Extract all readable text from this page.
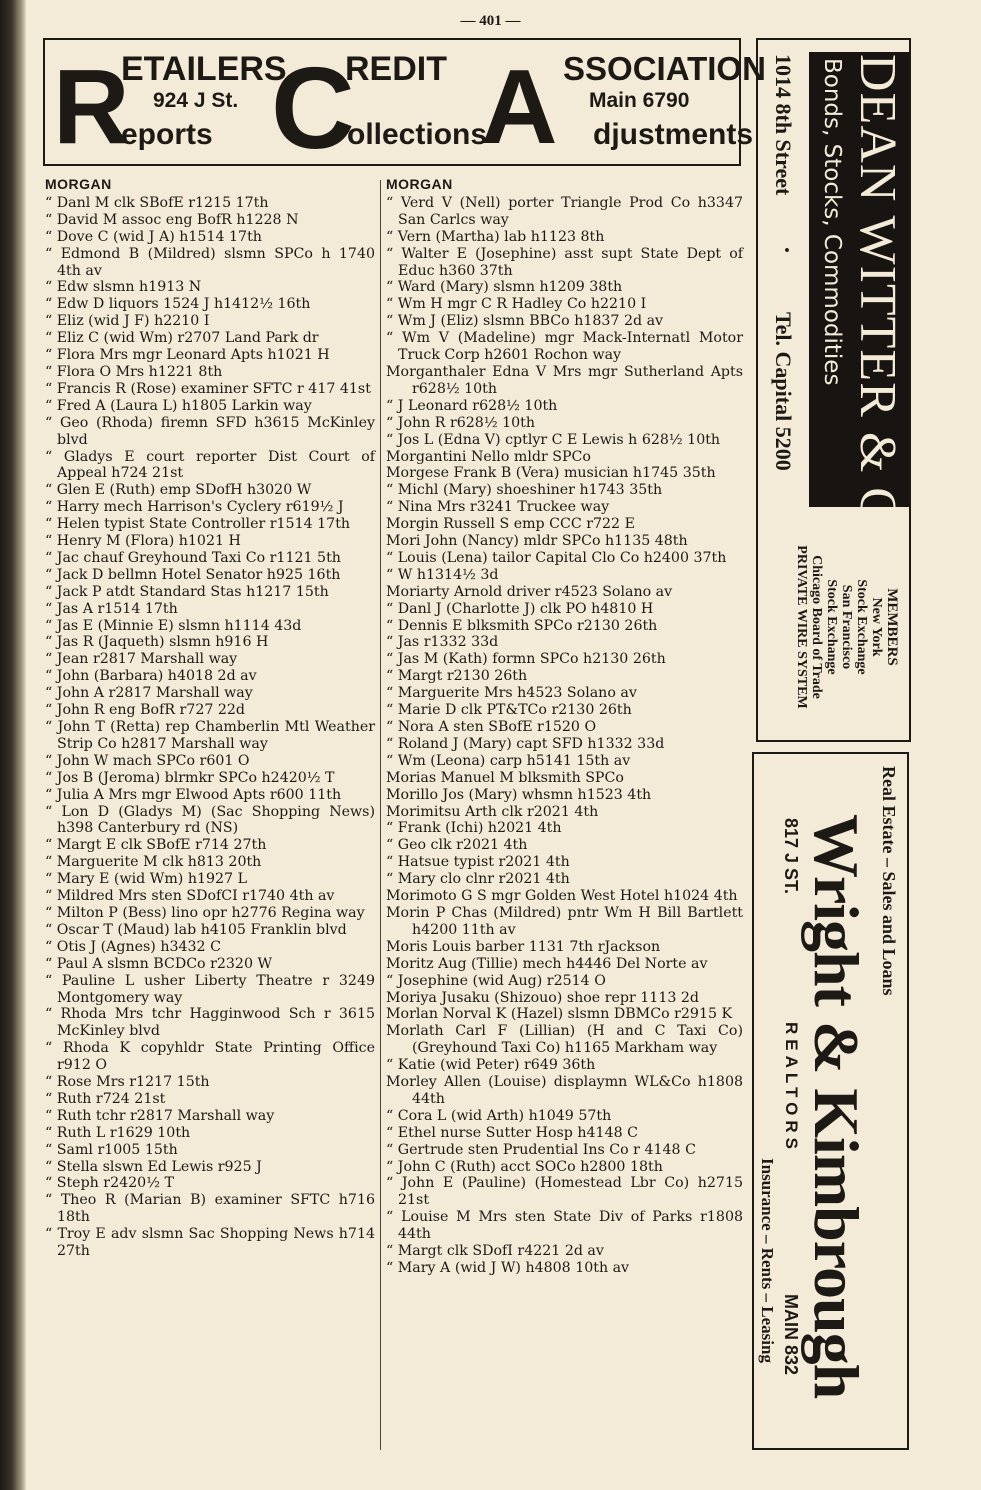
— 401 —
R
ETAILERS
924 J St.
eports C
REDIT
ollections
A SSOCIATION
Main 6790
djustments
MORGAN
“ Danl M clk SBofE r1215 17th
“ David M assoc eng BofR h1228 N
“ Dove C (wid J A) h1514 17th
“ Edmond B (Mildred) slsmn SPCo h 1740 4th av
“ Edw slsmn h1913 N
“ Edw D liquors 1524 J h1412½ 16th
“ Eliz (wid J F) h2210 I
“ Eliz C (wid Wm) r2707 Land Park dr
“ Flora Mrs mgr Leonard Apts h1021 H
“ Flora O Mrs h1221 8th
“ Francis R (Rose) examiner SFTC r 417 41st
“ Fred A (Laura L) h1805 Larkin way
“ Geo (Rhoda) firemn SFD h3615 McKinley blvd
“ Gladys E court reporter Dist Court of Appeal h724 21st
“ Glen E (Ruth) emp SDofH h3020 W
“ Harry mech Harrison's Cyclery r619½ J
“ Helen typist State Controller r1514 17th
“ Henry M (Flora) h1021 H
“ Jac chauf Greyhound Taxi Co r1121 5th
“ Jack D bellmn Hotel Senator h925 16th
“ Jack P atdt Standard Stas h1217 15th
“ Jas A r1514 17th
“ Jas E (Minnie E) slsmn h1114 43d
“ Jas R (Jaqueth) slsmn h916 H
“ Jean r2817 Marshall way
“ John (Barbara) h4018 2d av
“ John A r2817 Marshall way
“ John R eng BofR r727 22d
“ John T (Retta) rep Chamberlin Mtl Weather Strip Co h2817 Marshall way
“ John W mach SPCo r601 O
“ Jos B (Jeroma) blrmkr SPCo h2420½ T
“ Julia A Mrs mgr Elwood Apts r600 11th
“ Lon D (Gladys M) (Sac Shopping News) h398 Canterbury rd (NS)
“ Margt E clk SBofE r714 27th
“ Marguerite M clk h813 20th
“ Mary E (wid Wm) h1927 L
“ Mildred Mrs sten SDofCI r1740 4th av
“ Milton P (Bess) lino opr h2776 Regina way
“ Oscar T (Maud) lab h4105 Franklin blvd
“ Otis J (Agnes) h3432 C
“ Paul A slsmn BCDCo r2320 W
“ Pauline L usher Liberty Theatre r 3249 Montgomery way
“ Rhoda Mrs tchr Hagginwood Sch r 3615 McKinley blvd
“ Rhoda K copyhldr State Printing Office r912 O
“ Rose Mrs r1217 15th
“ Ruth r724 21st
“ Ruth tchr r2817 Marshall way
“ Ruth L r1629 10th
“ Saml r1005 15th
“ Stella slswn Ed Lewis r925 J
“ Steph r2420½ T
“ Theo R (Marian B) examiner SFTC h716 18th
“ Troy E adv slsmn Sac Shopping News h714 27th
MORGAN
“ Verd V (Nell) porter Triangle Prod Co h3347 San Carlcs way
“ Vern (Martha) lab h1123 8th
“ Walter E (Josephine) asst supt State Dept of Educ h360 37th
“ Ward (Mary) slsmn h1209 38th
“ Wm H mgr C R Hadley Co h2210 I
“ Wm J (Eliz) slsmn BBCo h1837 2d av
“ Wm V (Madeline) mgr Mack-Internatl Motor Truck Corp h2601 Rochon way
Morganthaler Edna V Mrs mgr Sutherland Apts r628½ 10th
“ J Leonard r628½ 10th
“ John R r628½ 10th
“ Jos L (Edna V) cptlyr C E Lewis h 628½ 10th
Morgantini Nello mldr SPCo
Morgese Frank B (Vera) musician h1745 35th
“ Michl (Mary) shoeshiner h1743 35th
“ Nina Mrs r3241 Truckee way
Morgin Russell S emp CCC r722 E
Mori John (Nancy) mldr SPCo h1135 48th
“ Louis (Lena) tailor Capital Clo Co h2400 37th
“ W h1314½ 3d
Moriarty Arnold driver r4523 Solano av
“ Danl J (Charlotte J) clk PO h4810 H
“ Dennis E blksmith SPCo r2130 26th
“ Jas r1332 33d
“ Jas M (Kath) formn SPCo h2130 26th
“ Margt r2130 26th
“ Marguerite Mrs h4523 Solano av
“ Marie D clk PT&TCo r2130 26th
“ Nora A sten SBofE r1520 O
“ Roland J (Mary) capt SFD h1332 33d
“ Wm (Leona) carp h5141 15th av
Morias Manuel M blksmith SPCo
Morillo Jos (Mary) whsmn h1523 4th
Morimitsu Arth clk r2021 4th
“ Frank (Ichi) h2021 4th
“ Geo clk r2021 4th
“ Hatsue typist r2021 4th
“ Mary clo clnr r2021 4th
Morimoto G S mgr Golden West Hotel h1024 4th
Morin P Chas (Mildred) pntr Wm H Bill Bartlett h4200 11th av
Moris Louis barber 1131 7th rJackson
Moritz Aug (Tillie) mech h4446 Del Norte av
“ Josephine (wid Aug) r2514 O
Moriya Jusaku (Shizouo) shoe repr 1113 2d
Morlan Norval K (Hazel) slsmn DBMCo r2915 K
Morlath Carl F (Lillian) (H and C Taxi Co) (Greyhound Taxi Co) h1165 Markham way
“ Katie (wid Peter) r649 36th
Morley Allen (Louise) displaymn WL&Co h1808 44th
“ Cora L (wid Arth) h1049 57th
“ Ethel nurse Sutter Hosp h4148 C
“ Gertrude sten Prudential Ins Co r 4148 C
“ John C (Ruth) acct SOCo h2800 18th
“ John E (Pauline) (Homestead Lbr Co) h2715 21st
“ Louise M Mrs sten State Div of Parks r1808 44th
“ Margt clk SDofI r4221 2d av
“ Mary A (wid J W) h4808 10th av
DEAN WITTER & CO.
Bonds, Stocks, Commodities
1014 8th Street
·
Tel. Capital 5200
MEMBERS
New York
Stock Exchange
San Francisco
Stock Exchange
Chicago Board of Trade
PRIVATE WIRE SYSTEM
Real Estate – Sales and Loans
Wright & Kimbrough
817 J ST.
REALTORS
MAIN 832
Insurance – Rents – Leasing
